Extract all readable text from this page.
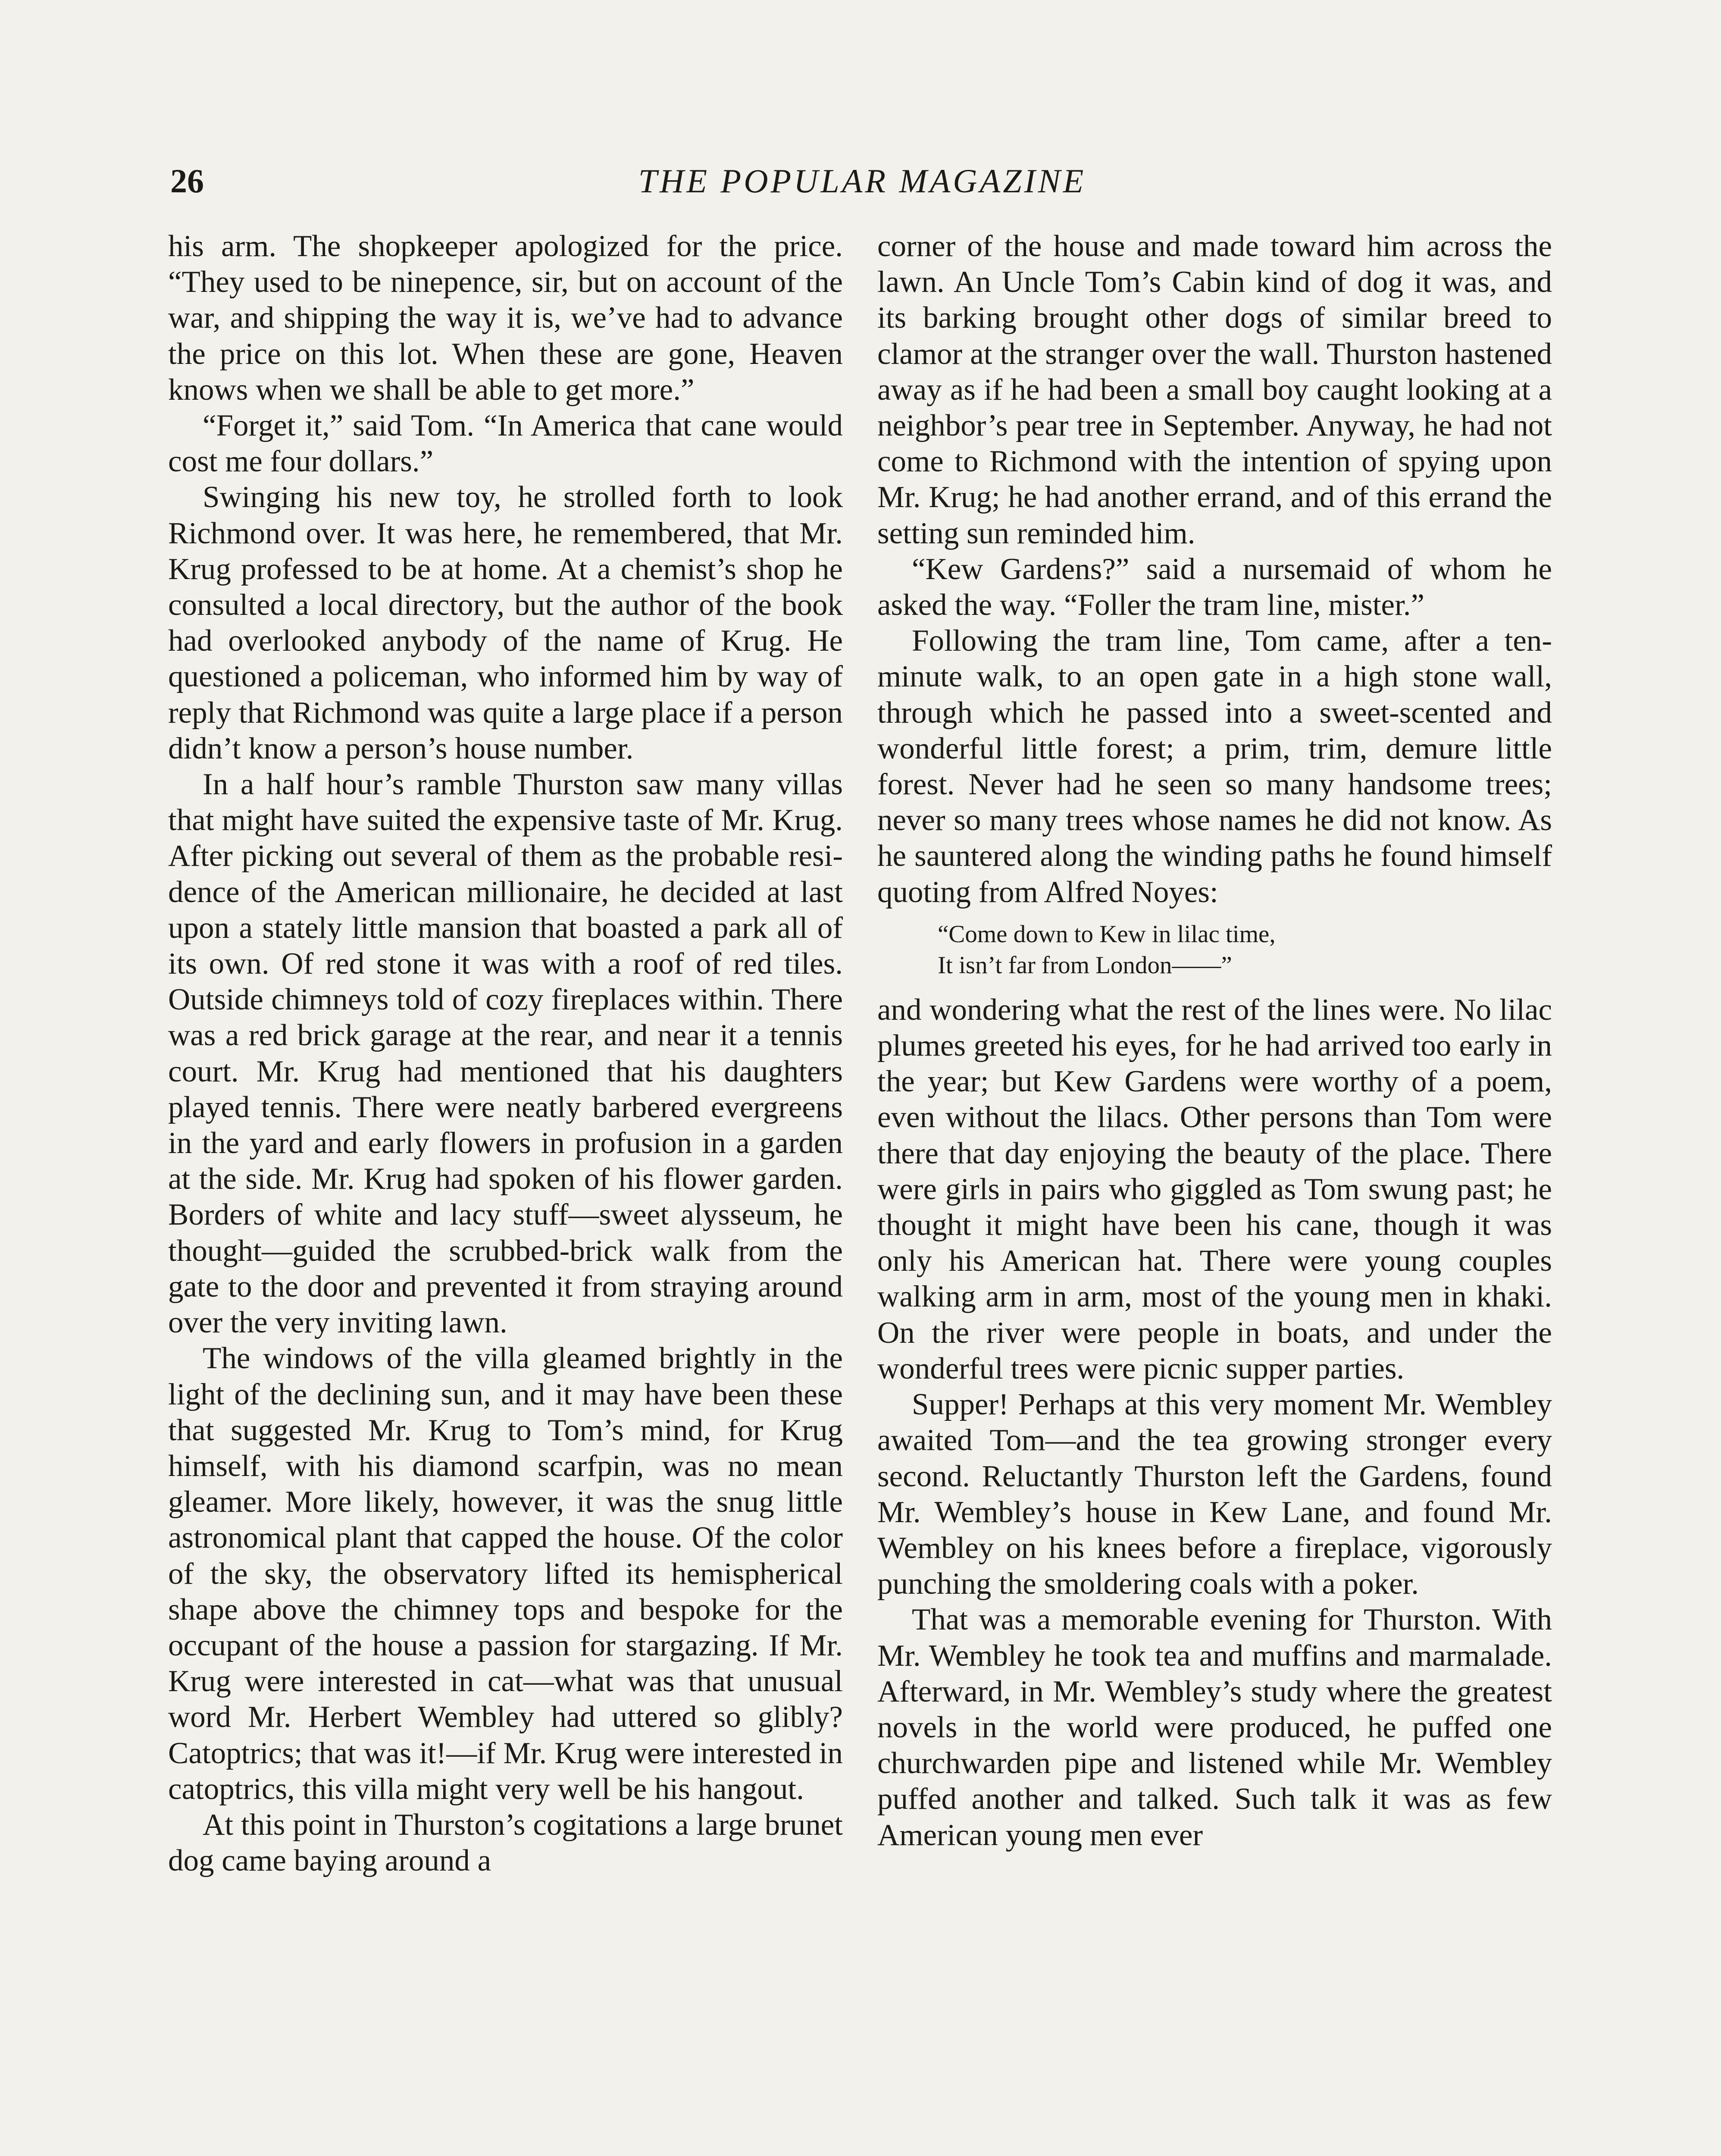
26	THE POPULAR MAGAZINE

his arm. The shopkeeper apologized for the price. “They used to be ninepence, sir, but on account of the war, and shipping the way it is, we’ve had to advance the price on this lot. When these are gone, Heaven knows when we shall be able to get more.”

“Forget it,” said Tom. “In America that cane would cost me four dollars.”

Swinging his new toy, he strolled forth to look Richmond over. It was here, he remembered, that Mr. Krug professed to be at home. At a chemist’s shop he consulted a local directory, but the author of the book had overlooked anybody of the name of Krug. He questioned a policeman, who informed him by way of reply that Richmond was quite a large place if a person didn’t know a person’s house number.

In a half hour’s ramble Thurston saw many villas that might have suited the expensive taste of Mr. Krug. After picking out several of them as the probable residence of the American millionaire, he decided at last upon a stately little mansion that boasted a park all of its own. Of red stone it was with a roof of red tiles. Outside chimneys told of cozy fireplaces within. There was a red brick garage at the rear, and near it a tennis court. Mr. Krug had mentioned that his daughters played tennis. There were neatly barbered evergreens in the yard and early flowers in profusion in a garden at the side. Mr. Krug had spoken of his flower garden. Borders of white and lacy stuff—sweet alysseum, he thought—guided the scrubbed-brick walk from the gate to the door and prevented it from straying around over the very inviting lawn.

The windows of the villa gleamed brightly in the light of the declining sun, and it may have been these that suggested Mr. Krug to Tom’s mind, for Krug himself, with his diamond scarfpin, was no mean gleamer. More likely, however, it was the snug little astronomical plant that capped the house. Of the color of the sky, the observatory lifted its hemispherical shape above the chimney tops and bespoke for the occupant of the house a passion for stargazing. If Mr. Krug were interested in cat—what was that unusual word Mr. Herbert Wembley had uttered so glibly? Catoptrics; that was it!—if Mr. Krug were interested in catoptrics, this villa might very well be his hangout.

At this point in Thurston’s cogitations a large brunet dog came baying around a

corner of the house and made toward him across the lawn. An Uncle Tom’s Cabin kind of dog it was, and its barking brought other dogs of similar breed to clamor at the stranger over the wall. Thurston hastened away as if he had been a small boy caught looking at a neighbor’s pear tree in September. Anyway, he had not come to Richmond with the intention of spying upon Mr. Krug; he had another errand, and of this errand the setting sun reminded him.

“Kew Gardens?” said a nursemaid of whom he asked the way. “Foller the tram line, mister.”

Following the tram line, Tom came, after a ten-minute walk, to an open gate in a high stone wall, through which he passed into a sweet-scented and wonderful little forest; a prim, trim, demure little forest. Never had he seen so many handsome trees; never so many trees whose names he did not know. As he sauntered along the winding paths he found himself quoting from Alfred Noyes:

“Come down to Kew in lilac time,
It isn’t far from London——”

and wondering what the rest of the lines were. No lilac plumes greeted his eyes, for he had arrived too early in the year; but Kew Gardens were worthy of a poem, even without the lilacs. Other persons than Tom were there that day enjoying the beauty of the place. There were girls in pairs who giggled as Tom swung past; he thought it might have been his cane, though it was only his American hat. There were young couples walking arm in arm, most of the young men in khaki. On the river were people in boats, and under the wonderful trees were picnic supper parties.

Supper! Perhaps at this very moment Mr. Wembley awaited Tom—and the tea growing stronger every second. Reluctantly Thurston left the Gardens, found Mr. Wembley’s house in Kew Lane, and found Mr. Wembley on his knees before a fireplace, vigorously punching the smoldering coals with a poker.

That was a memorable evening for Thurston. With Mr. Wembley he took tea and muffins and marmalade. Afterward, in Mr. Wembley’s study where the greatest novels in the world were produced, he puffed one churchwarden pipe and listened while Mr. Wembley puffed another and talked. Such talk it was as few American young men ever
